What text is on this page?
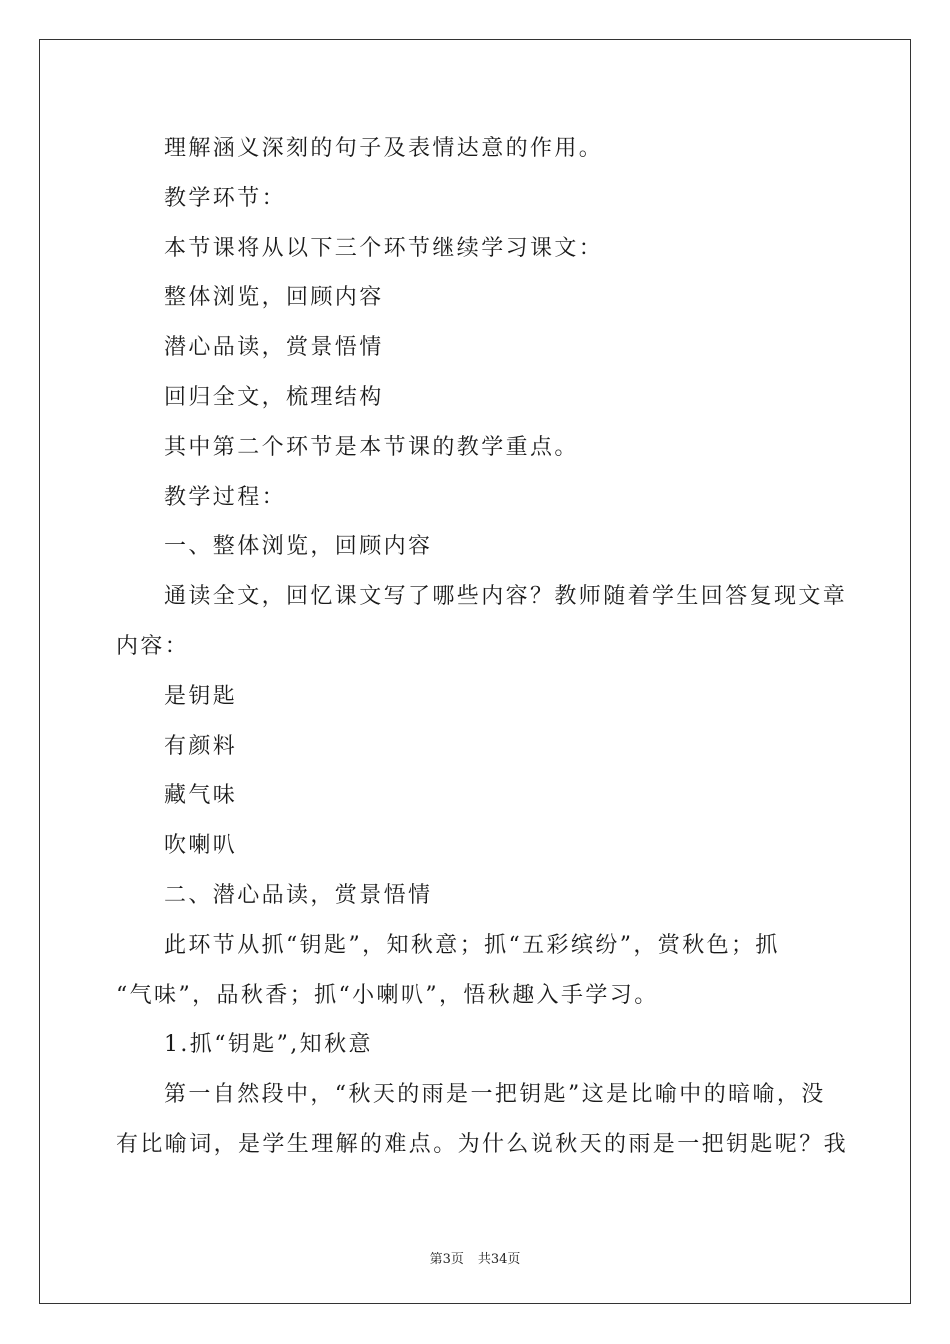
理解涵义深刻的句子及表情达意的作用。

教学环节：

本节课将从以下三个环节继续学习课文：

整体浏览，回顾内容

潜心品读，赏景悟情

回归全文，梳理结构

其中第二个环节是本节课的教学重点。

教学过程：

一、整体浏览，回顾内容

通读全文，回忆课文写了哪些内容？教师随着学生回答复现文章

内容：

是钥匙

有颜料

藏气味

吹喇叭

二、潜心品读，赏景悟情

此环节从抓“钥匙”，知秋意；抓“五彩缤纷”，赏秋色；抓

“气味”，品秋香；抓“小喇叭”，悟秋趣入手学习。

1.抓“钥匙”,知秋意

第一自然段中，“秋天的雨是一把钥匙”这是比喻中的暗喻，没

有比喻词，是学生理解的难点。为什么说秋天的雨是一把钥匙呢？我

第3页 共34页
